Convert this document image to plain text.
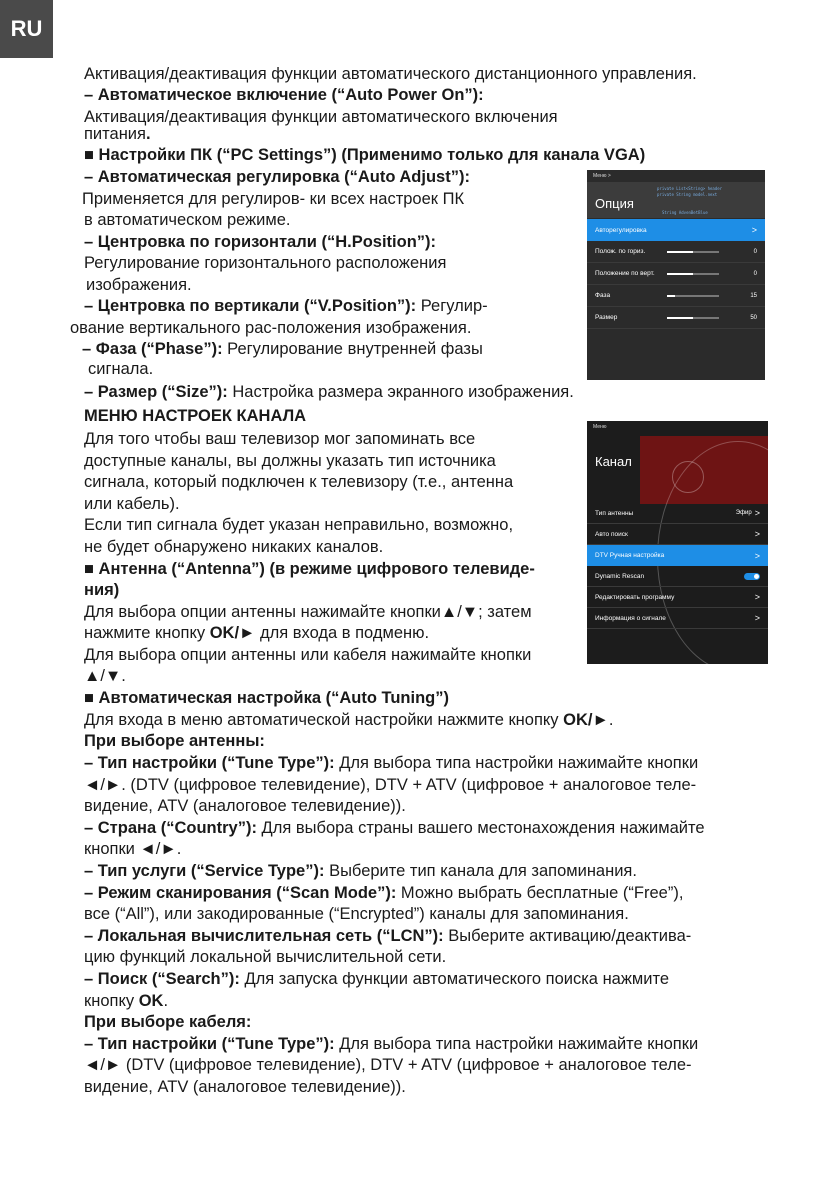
RU
Активация/деактивация функции автоматического дистанционного управления.
– Автоматическое включение (“Auto Power On”):
Активация/деактивация функции автоматического включения
питания.
■ Настройки ПК (“PC Settings”) (Применимо только для канала VGA)
– Автоматическая регулировка (“Auto Adjust”):
Применяется для регулиров- ки всех настроек ПК
в автоматическом режиме.
– Центровка по горизонтали (“H.Position”):
Регулирование горизонтального расположения
изображения.
– Центровка по вертикали (“V.Position”): Регулир-
ование вертикального рас-положения изображения.
– Фаза (“Phase”): Регулирование внутренней фазы
сигнала.
– Размер (“Size”): Настройка размера экранного изображения.
МЕНЮ НАСТРОЕК КАНАЛА
Для того чтобы ваш телевизор мог запоминать все
доступные каналы, вы должны указать тип источника
сигнала, который подключен к телевизору (т.е., антенна
или кабель).
Если тип сигнала будет указан неправильно, возможно,
не будет обнаружено никаких каналов.
■ Антенна (“Antenna”) (в режиме цифрового телевиде-
ния)
Для выбора опции антенны нажимайте кнопки▲/▼; затем
нажмите кнопку OK/► для входа в подменю.
Для выбора опции антенны или кабеля нажимайте кнопки
▲/▼.
■ Автоматическая настройка (“Auto Tuning”)
Для входа в меню автоматической настройки нажмите кнопку OK/►.
При выборе антенны:
– Тип настройки (“Tune Type”): Для выбора типа настройки нажимайте кнопки
◄/►. (DTV (цифровое телевидение), DTV + ATV (цифровое + аналоговое теле-
видение, ATV (аналоговое телевидение)).
– Страна (“Country”): Для выбора страны вашего местонахождения нажимайте
кнопки ◄/►.
– Тип услуги (“Service Type”): Выберите тип канала для запоминания.
– Режим сканирования (“Scan Mode”): Можно выбрать бесплатные (“Free”),
все (“All”), или закодированные (“Encrypted”) каналы для запоминания.
– Локальная вычислительная сеть (“LCN”): Выберите активацию/деактива-
цию функций локальной вычислительной сети.
– Поиск (“Search”): Для запуска функции автоматического поиска нажмите
кнопку OK.
При выборе кабеля:
– Тип настройки (“Tune Type”): Для выбора типа настройки нажимайте кнопки
◄/► (DTV (цифровое телевидение), DTV + ATV (цифровое + аналоговое теле-
видение, ATV (аналоговое телевидение)).
Меню >
private List<String> header
private String model.next
String AdvenBetBlue
Опция
Авторегулировка	>
Полож. по гориз.	0
Положение по верт.	0
Фаза	15
Размер	50
Меню
Канал
Тип антенны	Эфир >
Авто поиск	>
DTV Ручная настройка	>
Dynamic Rescan
Редактировать программу	>
Информация о сигнале	>
